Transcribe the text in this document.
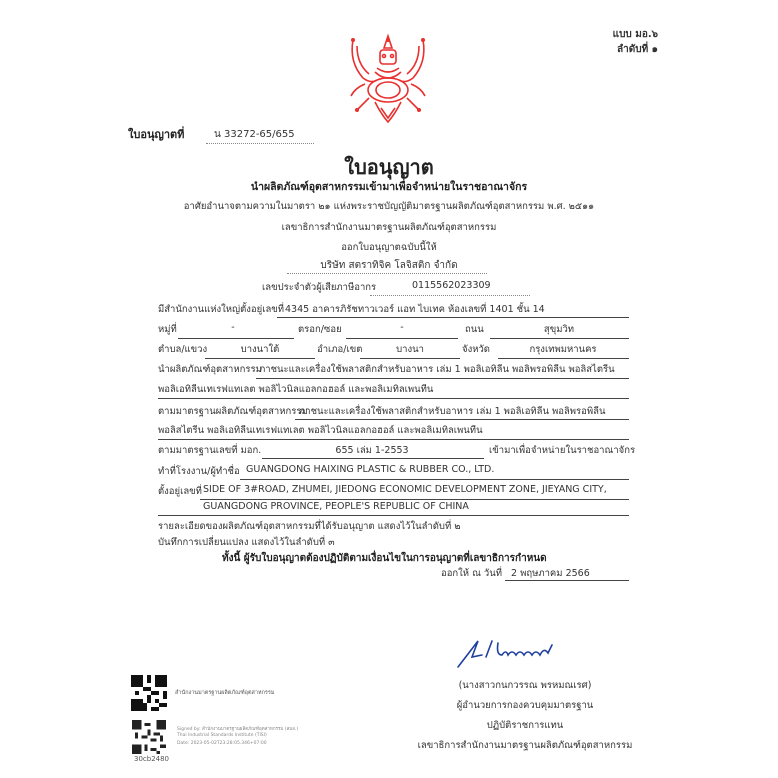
แบบ มอ.๖
ลำดับที่ ๑
ใบอนุญาตที่	น 33272-65/655
ใบอนุญาต
นำผลิตภัณฑ์อุตสาหกรรมเข้ามาเพื่อจำหน่ายในราชอาณาจักร
อาศัยอำนาจตามความในมาตรา ๒๑ แห่งพระราชบัญญัติมาตรฐานผลิตภัณฑ์อุตสาหกรรม พ.ศ. ๒๕๑๑
เลขาธิการสำนักงานมาตรฐานผลิตภัณฑ์อุตสาหกรรม
ออกใบอนุญาตฉบับนี้ให้
บริษัท สตราทิจิค โลจิสติก จำกัด
เลขประจำตัวผู้เสียภาษีอากร	0115562023309
มีสำนักงานแห่งใหญ่ตั้งอยู่เลขที่ 4345 อาคารภิรัชทาวเวอร์ แอท ไบเทค ห้องเลขที่ 1401 ชั้น 14
หมู่ที่	-	ตรอก/ซอย	-	ถนน	สุขุมวิท
ตำบล/แขวง	บางนาใต้	อำเภอ/เขต	บางนา	จังหวัด	กรุงเทพมหานคร
นำผลิตภัณฑ์อุตสาหกรรม
ภาชนะและเครื่องใช้พลาสติกสำหรับอาหาร เล่ม 1 พอลิเอทิลีน พอลิพรอพิลีน พอลิสไตรีน
พอลิเอทิลีนเทเรฟแทเลต พอลิไวนิลแอลกอฮอล์ และพอลิเมทิลเพนทีน
ตามมาตรฐานผลิตภัณฑ์อุตสาหกรรม
ภาชนะและเครื่องใช้พลาสติกสำหรับอาหาร เล่ม 1 พอลิเอทิลีน พอลิพรอพิลีน
พอลิสไตรีน พอลิเอทิลีนเทเรฟแทเลต พอลิไวนิลแอลกอฮอล์ และพอลิเมทิลเพนทีน
ตามมาตรฐานเลขที่ มอก.	655 เล่ม 1-2553	เข้ามาเพื่อจำหน่ายในราชอาณาจักร
ทำที่โรงงาน/ผู้ทำชื่อ GUANGDONG HAIXING PLASTIC & RUBBER CO., LTD.
ตั้งอยู่เลขที่ SIDE OF 3#ROAD, ZHUMEI, JIEDONG ECONOMIC DEVELOPMENT ZONE, JIEYANG CITY,
GUANGDONG PROVINCE, PEOPLE'S REPUBLIC OF CHINA
รายละเอียดของผลิตภัณฑ์อุตสาหกรรมที่ได้รับอนุญาต แสดงไว้ในลำดับที่ ๒
บันทึกการเปลี่ยนแปลง แสดงไว้ในลำดับที่ ๓
ทั้งนี้ ผู้รับใบอนุญาตต้องปฏิบัติตามเงื่อนไขในการอนุญาตที่เลขาธิการกำหนด
ออกให้ ณ วันที่ 2 พฤษภาคม 2566
(นางสาวกนกวรรณ พรหมณเรศ)
ผู้อำนวยการกองควบคุมมาตรฐาน
ปฏิบัติราชการแทน
เลขาธิการสำนักงานมาตรฐานผลิตภัณฑ์อุตสาหกรรม
สำนักงานมาตรฐานผลิตภัณฑ์อุตสาหกรรม
30cb2480
Signed by: สำนักงานมาตรฐานผลิตภัณฑ์อุตสาหกรรม (สมอ.)
Thai Industrial Standards Institute (TISI)
Date: 2023-05-02T23:28:05.346+07:00
